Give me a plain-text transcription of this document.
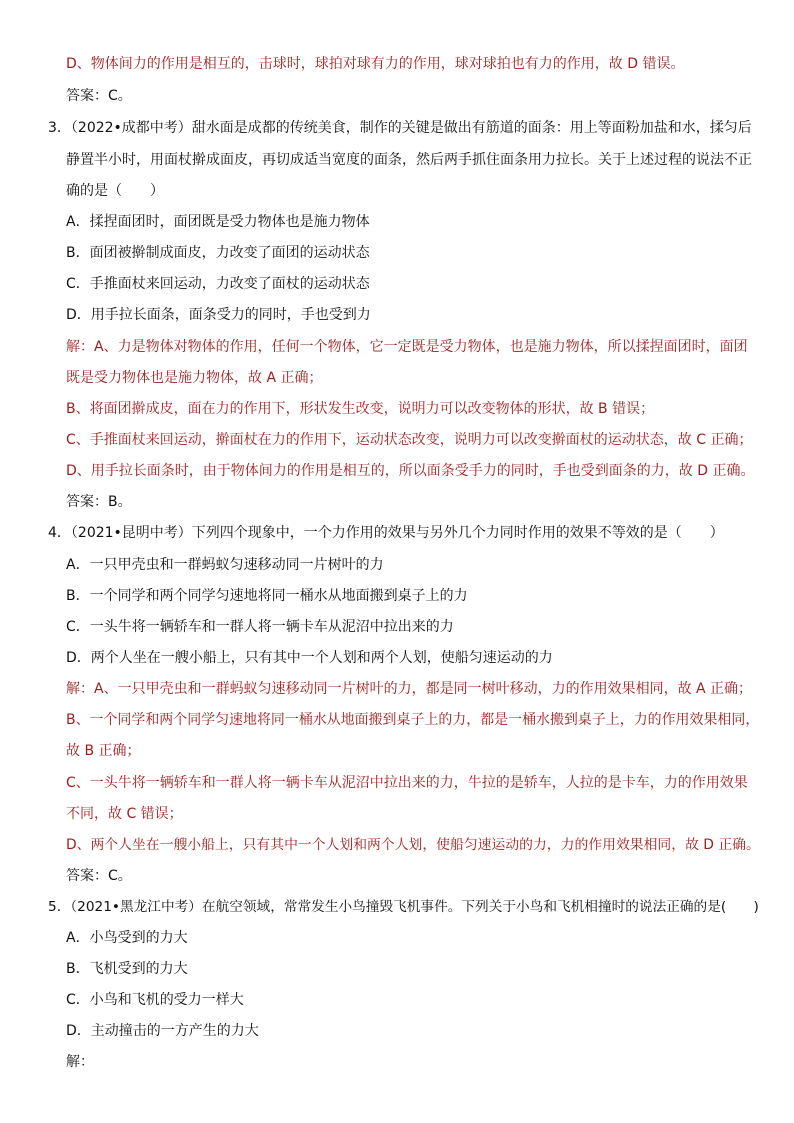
D、物体间力的作用是相互的，击球时，球拍对球有力的作用，球对球拍也有力的作用，故 D 错误。
答案：C。
3．（2022•成都中考）甜水面是成都的传统美食，制作的关键是做出有筋道的面条：用上等面粉加盐和水，揉匀后
静置半小时，用面杖擀成面皮，再切成适当宽度的面条，然后两手抓住面条用力拉长。关于上述过程的说法不正
确的是（　　）
A．揉捏面团时，面团既是受力物体也是施力物体
B．面团被擀制成面皮，力改变了面团的运动状态
C．手推面杖来回运动，力改变了面杖的运动状态
D．用手拉长面条，面条受力的同时，手也受到力
解：A、力是物体对物体的作用，任何一个物体，它一定既是受力物体，也是施力物体，所以揉捏面团时，面团
既是受力物体也是施力物体，故 A 正确；
B、将面团擀成皮，面在力的作用下，形状发生改变，说明力可以改变物体的形状，故 B 错误；
C、手推面杖来回运动，擀面杖在力的作用下，运动状态改变，说明力可以改变擀面杖的运动状态，故 C 正确；
D、用手拉长面条时，由于物体间力的作用是相互的，所以面条受手力的同时，手也受到面条的力，故 D 正确。
答案：B。
4．（2021•昆明中考）下列四个现象中，一个力作用的效果与另外几个力同时作用的效果不等效的是（　　）
A．一只甲壳虫和一群蚂蚁匀速移动同一片树叶的力
B．一个同学和两个同学匀速地将同一桶水从地面搬到桌子上的力
C．一头牛将一辆轿车和一群人将一辆卡车从泥沼中拉出来的力
D．两个人坐在一艘小船上，只有其中一个人划和两个人划，使船匀速运动的力
解：A、一只甲壳虫和一群蚂蚁匀速移动同一片树叶的力，都是同一树叶移动，力的作用效果相同，故 A 正确；
B、一个同学和两个同学匀速地将同一桶水从地面搬到桌子上的力，都是一桶水搬到桌子上，力的作用效果相同，
故 B 正确；
C、一头牛将一辆轿车和一群人将一辆卡车从泥沼中拉出来的力，牛拉的是轿车，人拉的是卡车，力的作用效果
不同，故 C 错误；
D、两个人坐在一艘小船上，只有其中一个人划和两个人划，使船匀速运动的力，力的作用效果相同，故 D 正确。
答案：C。
5．（2021•黑龙江中考）在航空领域，常常发生小鸟撞毁飞机事件。下列关于小鸟和飞机相撞时的说法正确的是(　　)
A．小鸟受到的力大
B．飞机受到的力大
C．小鸟和飞机的受力一样大
D．主动撞击的一方产生的力大
解：
